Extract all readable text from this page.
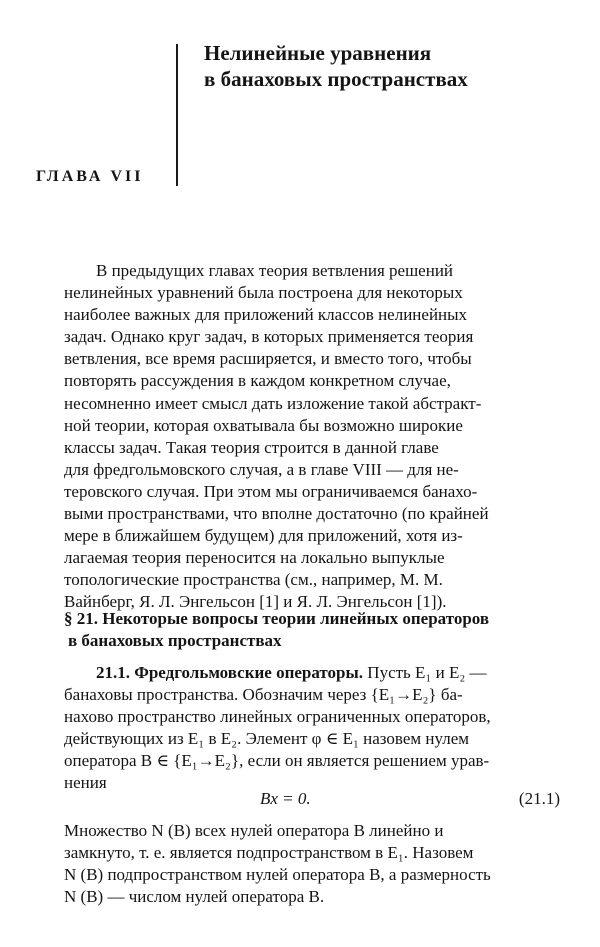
Нелинейные уравнения
в банаховых пространствах
ГЛАВА VII
В предыдущих главах теория ветвления решений
нелинейных уравнений была построена для некоторых
наиболее важных для приложений классов нелинейных
задач. Однако круг задач, в которых применяется теория
ветвления, все время расширяется, и вместо того, чтобы
повторять рассуждения в каждом конкретном случае,
несомненно имеет смысл дать изложение такой абстракт-
ной теории, которая охватывала бы возможно широкие
классы задач. Такая теория строится в данной главе
для фредгольмовского случая, а в главе VIII — для не-
теровского случая. При этом мы ограничиваемся банахо-
выми пространствами, что вполне достаточно (по крайней
мере в ближайшем будущем) для приложений, хотя из-
лагаемая теория переносится на локально выпуклые
топологические пространства (см., например, М. М.
Вайнберг, Я. Л. Энгельсон [1] и Я. Л. Энгельсон [1]).
§ 21. Некоторые вопросы теории линейных операторов
в банаховых пространствах
21.1. Фредгольмовские операторы. Пусть E₁ и E₂ —
банаховы пространства. Обозначим через {E₁→E₂} ба-
нахово пространство линейных ограниченных операторов,
действующих из E₁ в E₂. Элемент φ ∈ E₁ назовем нулем
оператора B ∈ {E₁→E₂}, если он является решением урав-
нения
Bx = 0.	(21.1)
Множество N (B) всех нулей оператора B линейно и
замкнуто, т. е. является подпространством в E₁. Назовем
N (B) подпространством нулей оператора B, а размерность
N (B) — числом нулей оператора B.
